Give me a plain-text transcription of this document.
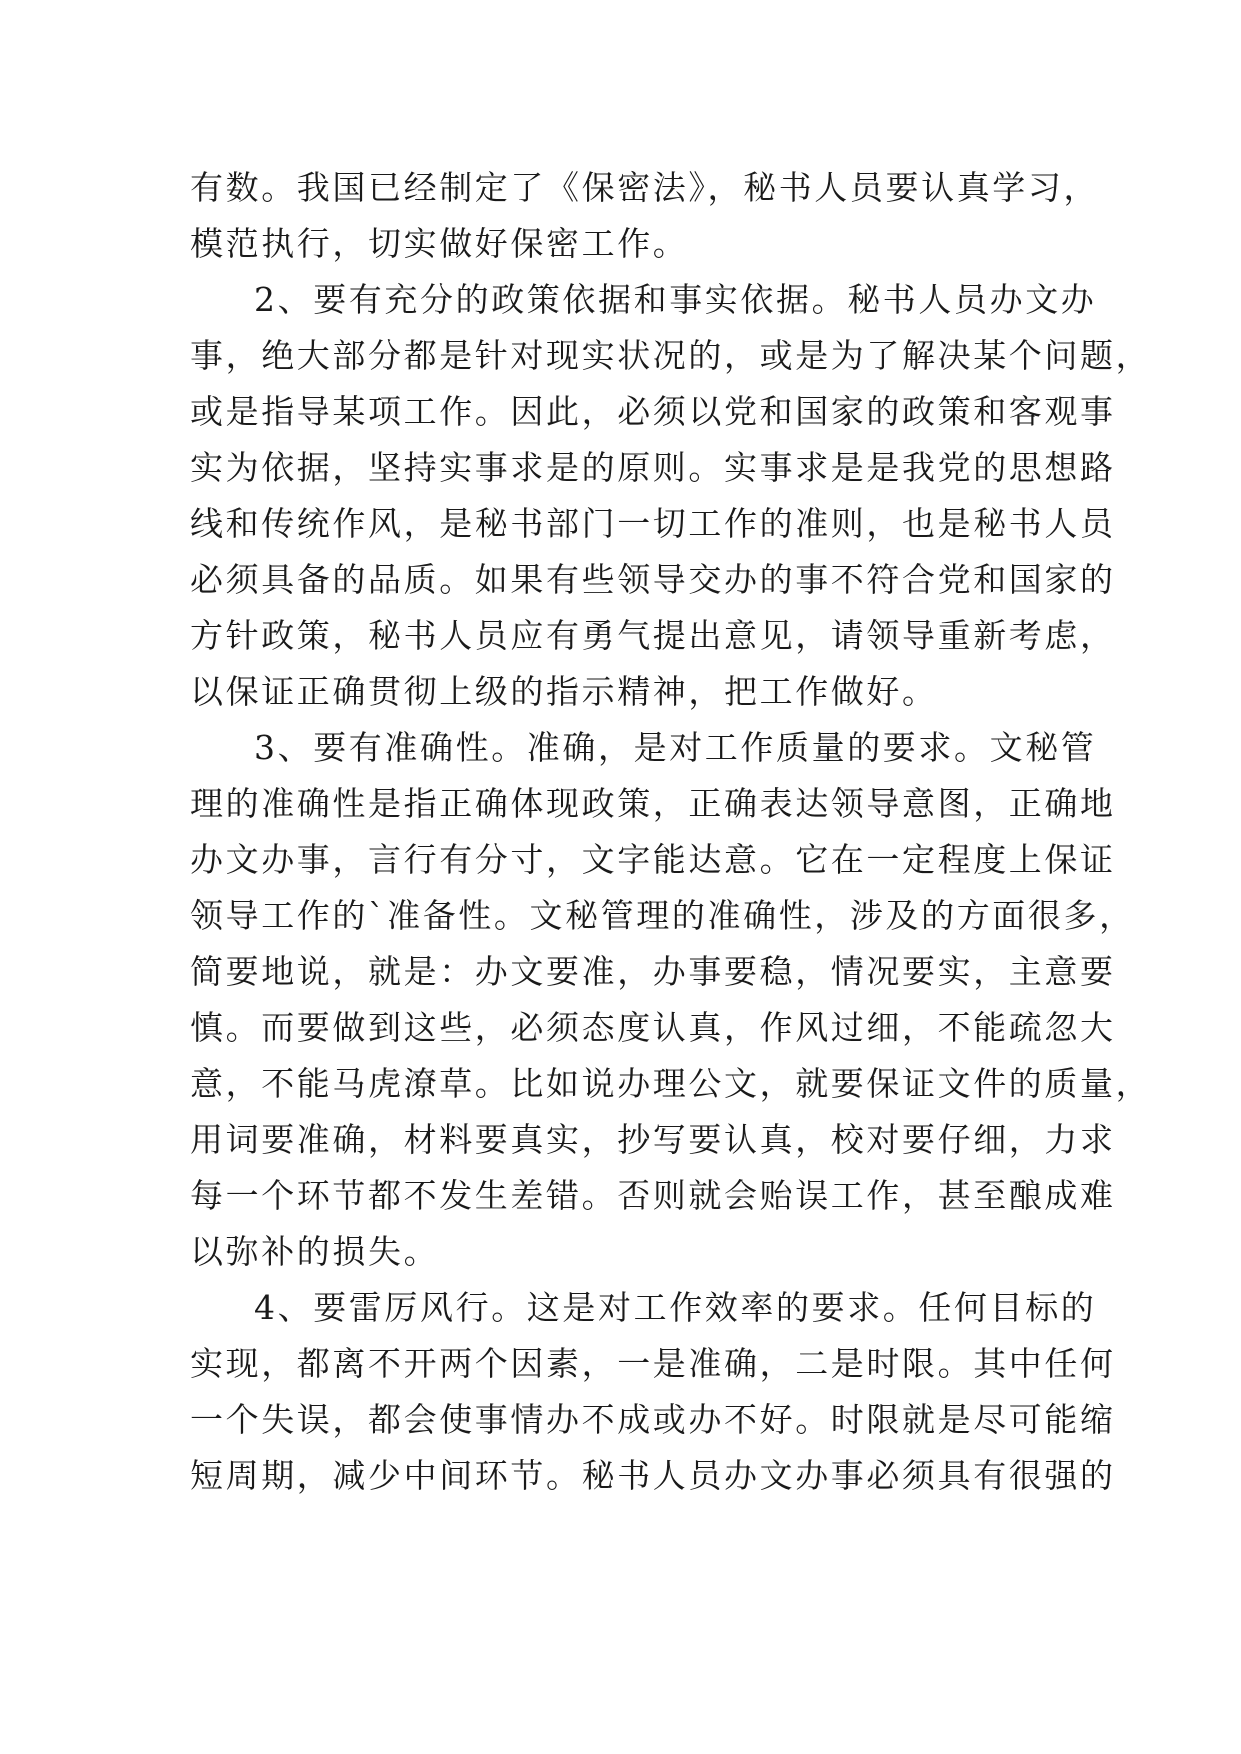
有数。我国已经制定了《保密法》，秘书人员要认真学习，
模范执行，切实做好保密工作。
2、要有充分的政策依据和事实依据。秘书人员办文办
事，绝大部分都是针对现实状况的，或是为了解决某个问题，
或是指导某项工作。因此，必须以党和国家的政策和客观事
实为依据，坚持实事求是的原则。实事求是是我党的思想路
线和传统作风，是秘书部门一切工作的准则，也是秘书人员
必须具备的品质。如果有些领导交办的事不符合党和国家的
方针政策，秘书人员应有勇气提出意见，请领导重新考虑，
以保证正确贯彻上级的指示精神，把工作做好。
3、要有准确性。准确，是对工作质量的要求。文秘管
理的准确性是指正确体现政策，正确表达领导意图，正确地
办文办事，言行有分寸，文字能达意。它在一定程度上保证
领导工作的`准备性。文秘管理的准确性，涉及的方面很多，
简要地说，就是：办文要准，办事要稳，情况要实，主意要
慎。而要做到这些，必须态度认真，作风过细，不能疏忽大
意，不能马虎潦草。比如说办理公文，就要保证文件的质量，
用词要准确，材料要真实，抄写要认真，校对要仔细，力求
每一个环节都不发生差错。否则就会贻误工作，甚至酿成难
以弥补的损失。
4、要雷厉风行。这是对工作效率的要求。任何目标的
实现，都离不开两个因素，一是准确，二是时限。其中任何
一个失误，都会使事情办不成或办不好。时限就是尽可能缩
短周期，减少中间环节。秘书人员办文办事必须具有很强的
